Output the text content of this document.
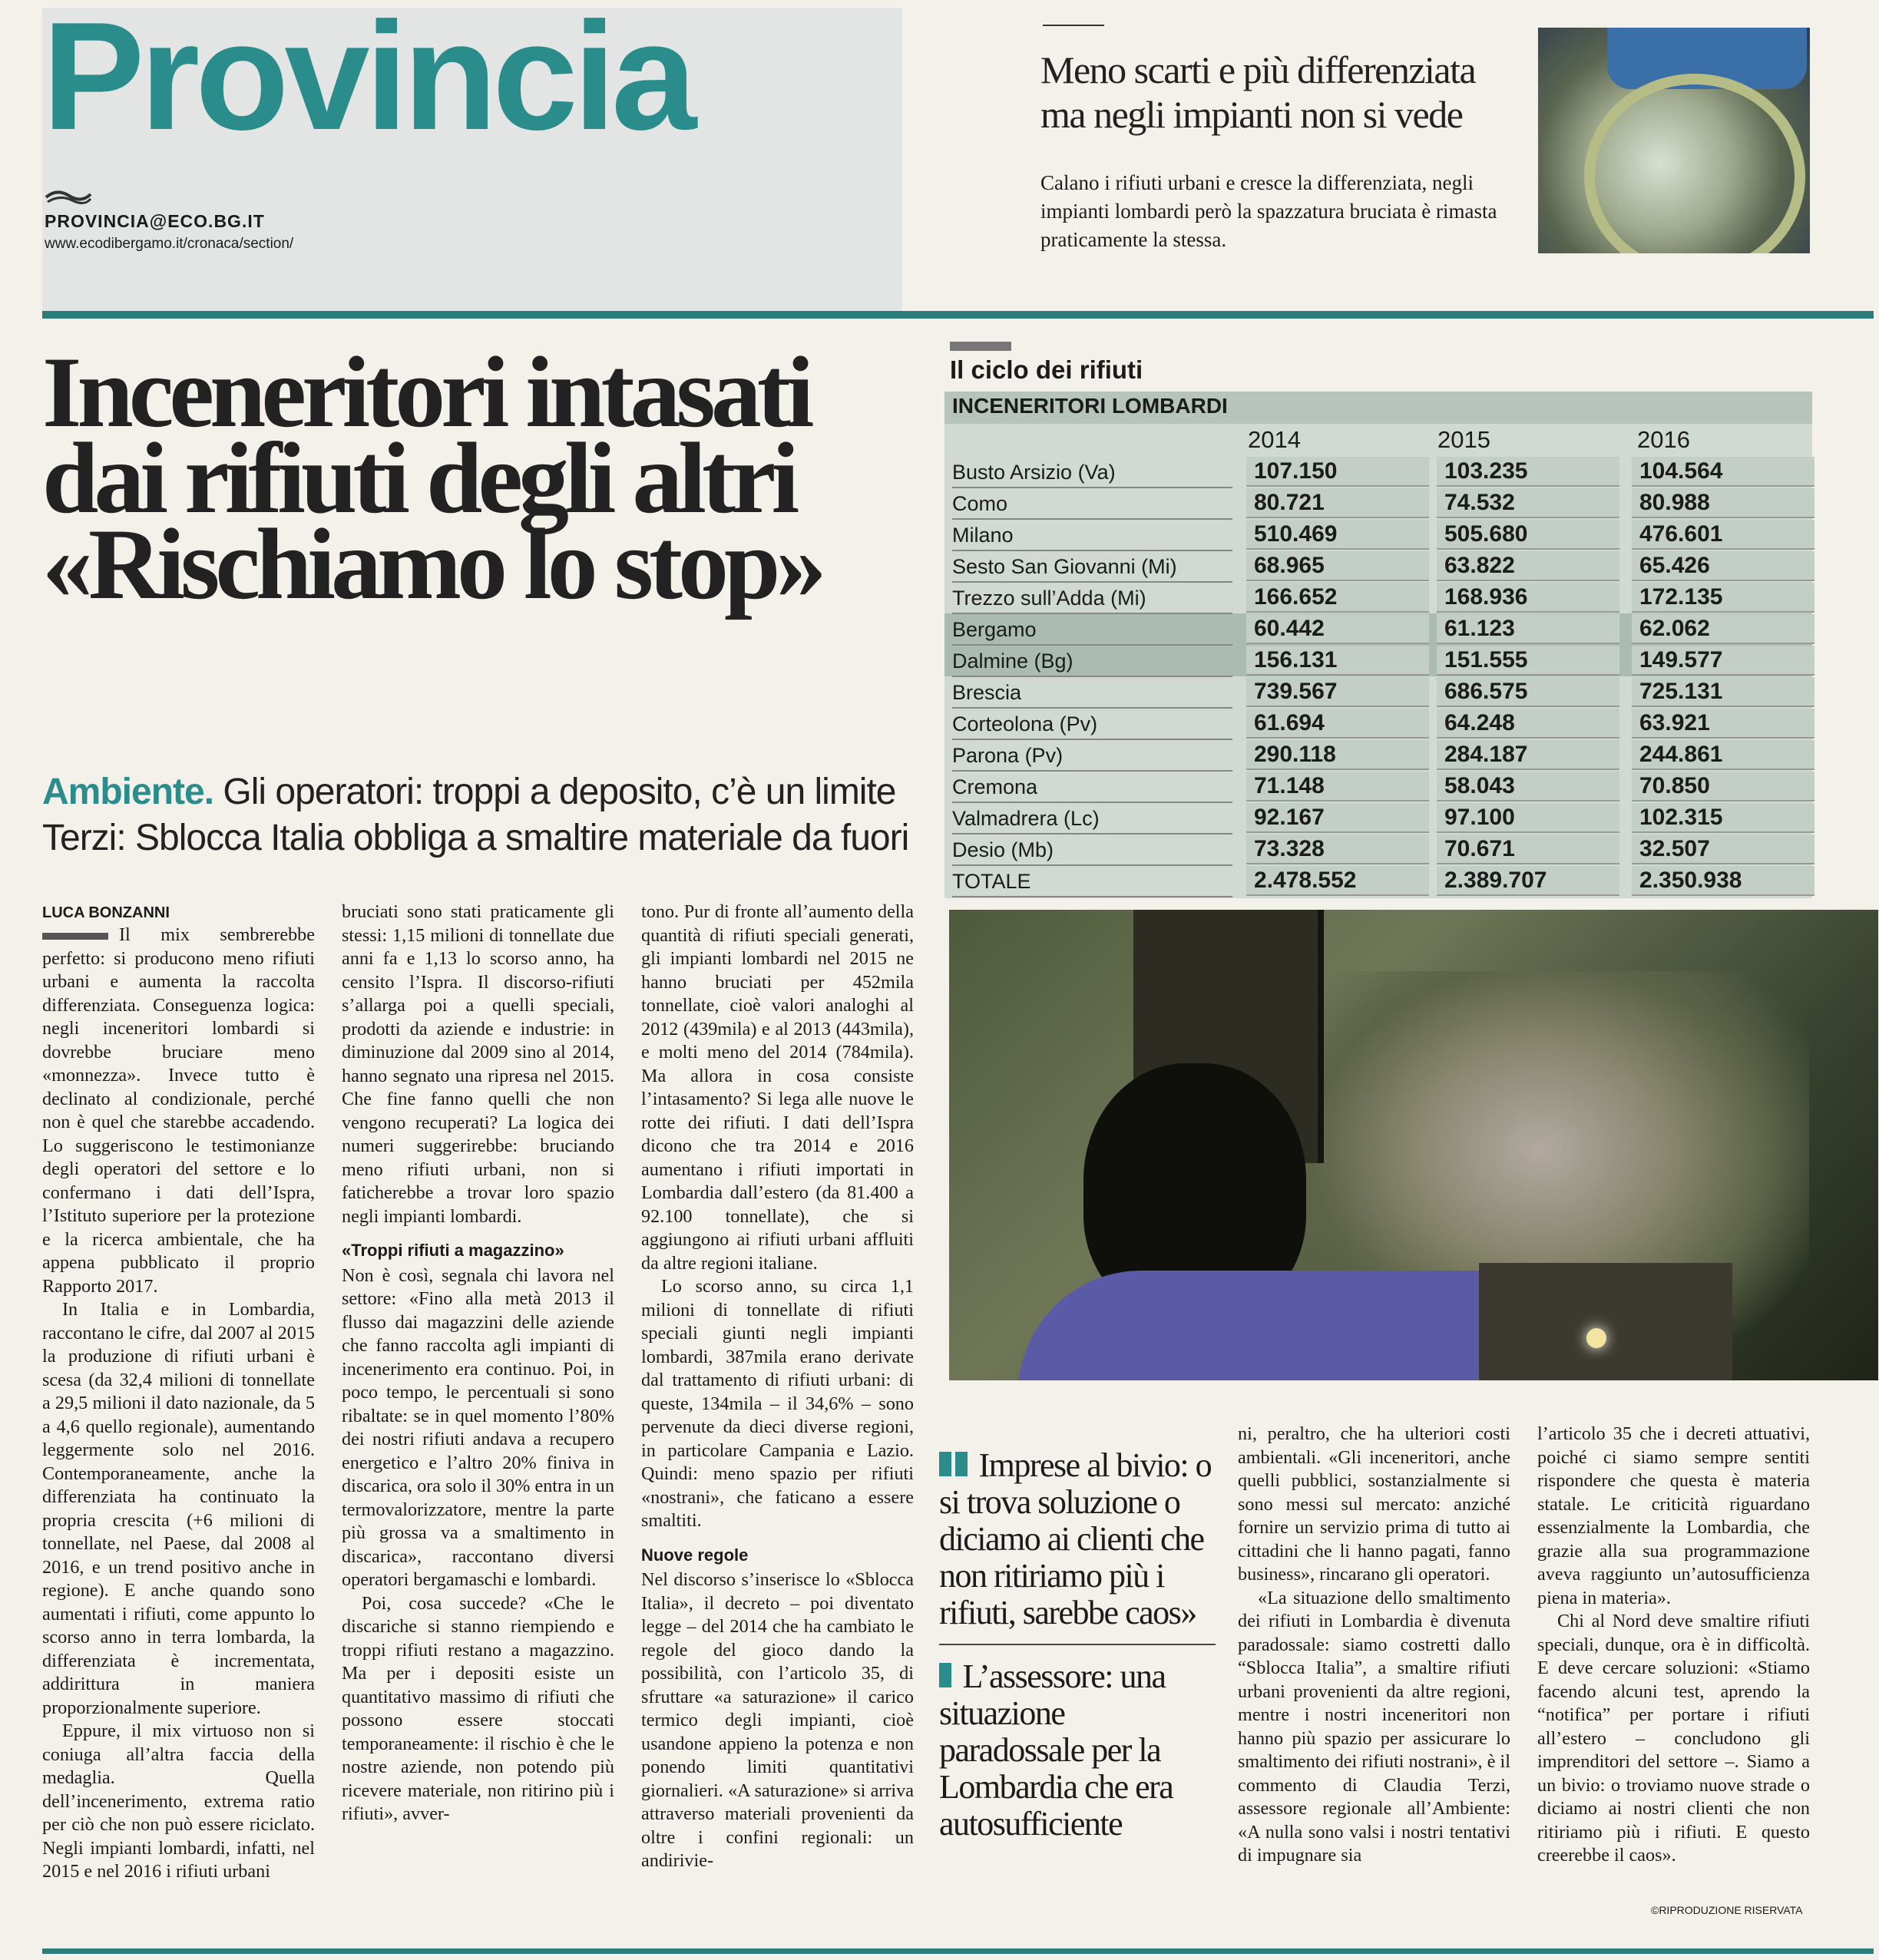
Provincia
PROVINCIA@ECO.BG.IT
www.ecodibergamo.it/cronaca/section/
Meno scarti e più differenziata ma negli impianti non si vede
Calano i rifiuti urbani e cresce la differenziata, negli impianti lombardi però la spazzatura bruciata è rimasta praticamente la stessa.
Inceneritori intasati
dai rifiuti degli altri
«Rischiamo lo stop»
Ambiente. Gli operatori: troppi a deposito, c’è un limite
Terzi: Sblocca Italia obbliga a smaltire materiale da fuori
LUCA BONZANNI

Il mix sembrerebbe perfetto: si producono meno rifiuti urbani e aumenta la raccolta differenziata. Conseguenza logica: negli inceneritori lombardi si dovrebbe bruciare meno «monnezza». Invece tutto è declinato al condizionale, perché non è quel che starebbe accadendo. Lo suggeriscono le testimonianze degli operatori del settore e lo confermano i dati dell’Ispra, l’Istituto superiore per la protezione e la ricerca ambientale, che ha appena pubblicato il proprio Rapporto 2017.

In Italia e in Lombardia, raccontano le cifre, dal 2007 al 2015 la produzione di rifiuti urbani è scesa (da 32,4 milioni di tonnellate a 29,5 milioni il dato nazionale, da 5 a 4,6 quello regionale), aumentando leggermente solo nel 2016. Contemporaneamente, anche la differenziata ha continuato la propria crescita (+6 milioni di tonnellate, nel Paese, dal 2008 al 2016, e un trend positivo anche in regione). E anche quando sono aumentati i rifiuti, come appunto lo scorso anno in terra lombarda, la differenziata è incrementata, addirittura in maniera proporzionalmente superiore.

Eppure, il mix virtuoso non si coniuga all’altra faccia della medaglia. Quella dell’incenerimento, extrema ratio per ciò che non può essere riciclato. Negli impianti lombardi, infatti, nel 2015 e nel 2016 i rifiuti urbani

bruciati sono stati praticamente gli stessi: 1,15 milioni di tonnellate due anni fa e 1,13 lo scorso anno, ha censito l’Ispra. Il discorso-rifiuti s’allarga poi a quelli speciali, prodotti da aziende e industrie: in diminuzione dal 2009 sino al 2014, hanno segnato una ripresa nel 2015. Che fine fanno quelli che non vengono recuperati? La logica dei numeri suggerirebbe: bruciando meno rifiuti urbani, non si faticherebbe a trovar loro spazio negli impianti lombardi.

«Troppi rifiuti a magazzino»

Non è così, segnala chi lavora nel settore: «Fino alla metà 2013 il flusso dai magazzini delle aziende che fanno raccolta agli impianti di incenerimento era continuo. Poi, in poco tempo, le percentuali si sono ribaltate: se in quel momento l’80% dei nostri rifiuti andava a recupero energetico e l’altro 20% finiva in discarica, ora solo il 30% entra in un termovalorizzatore, mentre la parte più grossa va a smaltimento in discarica», raccontano diversi operatori bergamaschi e lombardi.

Poi, cosa succede? «Che le discariche si stanno riempiendo e troppi rifiuti restano a magazzino. Ma per i depositi esiste un quantitativo massimo di rifiuti che possono essere stoccati temporaneamente: il rischio è che le nostre aziende, non potendo più ricevere materiale, non ritirino più i rifiuti», avver-

tono. Pur di fronte all’aumento della quantità di rifiuti speciali generati, gli impianti lombardi nel 2015 ne hanno bruciati per 452mila tonnellate, cioè valori analoghi al 2012 (439mila) e al 2013 (443mila), e molti meno del 2014 (784mila). Ma allora in cosa consiste l’intasamento? Si lega alle nuove le rotte dei rifiuti. I dati dell’Ispra dicono che tra 2014 e 2016 aumentano i rifiuti importati in Lombardia dall’estero (da 81.400 a 92.100 tonnellate), che si aggiungono ai rifiuti urbani affluiti da altre regioni italiane.

Lo scorso anno, su circa 1,1 milioni di tonnellate di rifiuti speciali giunti negli impianti lombardi, 387mila erano derivate dal trattamento di rifiuti urbani: di queste, 134mila – il 34,6% – sono pervenute da dieci diverse regioni, in particolare Campania e Lazio. Quindi: meno spazio per rifiuti «nostrani», che faticano a essere smaltiti.

Nuove regole

Nel discorso s’inserisce lo «Sblocca Italia», il decreto – poi diventato legge – del 2014 che ha cambiato le regole del gioco dando la possibilità, con l’articolo 35, di sfruttare «a saturazione» il carico termico degli impianti, cioè usandone appieno la potenza e non ponendo limiti quantitativi giornalieri. «A saturazione» si arriva attraverso materiali provenienti da oltre i confini regionali: un andirivie-

Imprese al bivio: o si trova soluzione o diciamo ai clienti che non ritiriamo più i rifiuti, sarebbe caos»
L’assessore: una situazione paradossale per la Lombardia che era autosufficiente

ni, peraltro, che ha ulteriori costi ambientali. «Gli inceneritori, anche quelli pubblici, sostanzialmente si sono messi sul mercato: anziché fornire un servizio prima di tutto ai cittadini che li hanno pagati, fanno business», rincarano gli operatori.

«La situazione dello smaltimento dei rifiuti in Lombardia è divenuta paradossale: siamo costretti dallo “Sblocca Italia”, a smaltire rifiuti urbani provenienti da altre regioni, mentre i nostri inceneritori non hanno più spazio per assicurare lo smaltimento dei rifiuti nostrani», è il commento di Claudia Terzi, assessore regionale all’Ambiente: «A nulla sono valsi i nostri tentativi di impugnare sia

l’articolo 35 che i decreti attuativi, poiché ci siamo sempre sentiti rispondere che questa è materia statale. Le criticità riguardano essenzialmente la Lombardia, che grazie alla sua programmazione aveva raggiunto un’autosufficienza piena in materia».

Chi al Nord deve smaltire rifiuti speciali, dunque, ora è in difficoltà. E deve cercare soluzioni: «Stiamo facendo alcuni test, aprendo la “notifica” per portare i rifiuti all’estero – concludono gli imprenditori del settore –. Siamo a un bivio: o troviamo nuove strade o diciamo ai nostri clienti che non ritiriamo più i rifiuti. E questo creerebbe il caos».

©RIPRODUZIONE RISERVATA
Il ciclo dei rifiuti
INCENERITORI LOMBARDI
2014	2015	2016
Busto Arsizio (Va)	107.150	103.235	104.564
Como	80.721	74.532	80.988
Milano	510.469	505.680	476.601
Sesto San Giovanni (Mi)	68.965	63.822	65.426
Trezzo sull’Adda (Mi)	166.652	168.936	172.135
Bergamo	60.442	61.123	62.062
Dalmine (Bg)	156.131	151.555	149.577
Brescia	739.567	686.575	725.131
Corteolona (Pv)	61.694	64.248	63.921
Parona (Pv)	290.118	284.187	244.861
Cremona	71.148	58.043	70.850
Valmadrera (Lc)	92.167	97.100	102.315
Desio (Mb)	73.328	70.671	32.507
TOTALE	2.478.552	2.389.707	2.350.938
